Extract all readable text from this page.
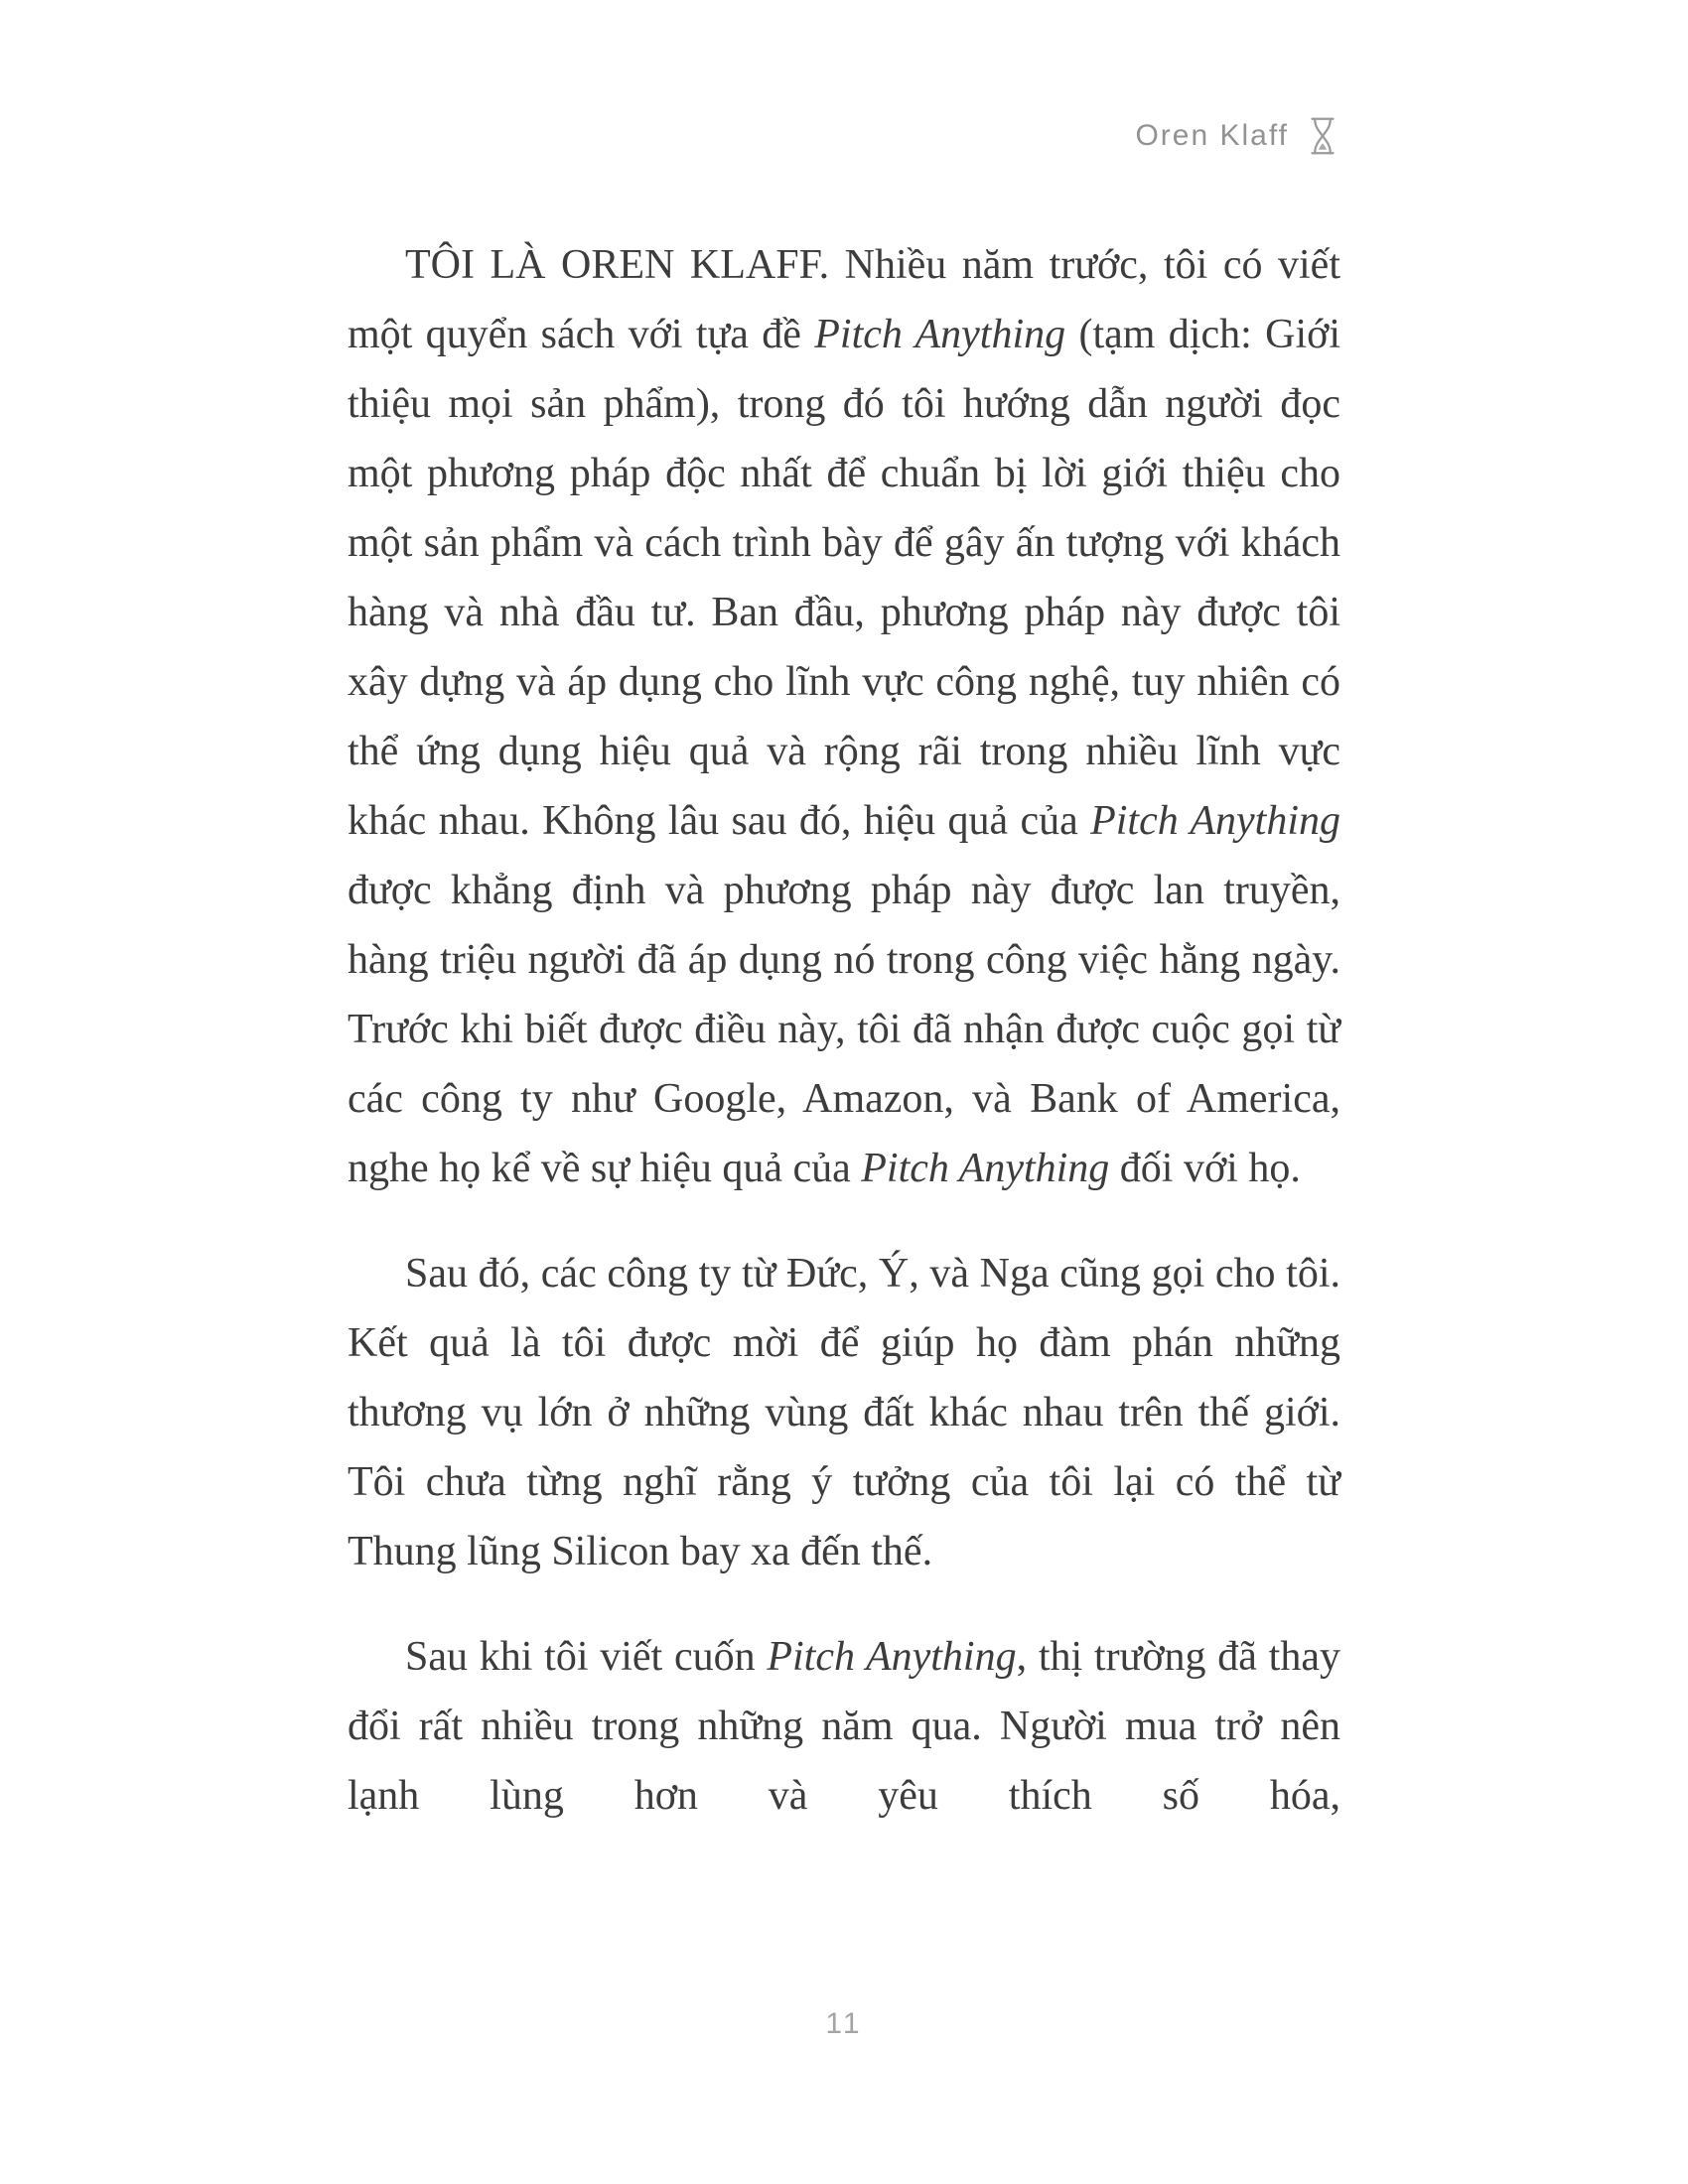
Oren Klaff

TÔI LÀ OREN KLAFF. Nhiều năm trước, tôi có viết một quyển sách với tựa đề Pitch Anything (tạm dịch: Giới thiệu mọi sản phẩm), trong đó tôi hướng dẫn người đọc một phương pháp độc nhất để chuẩn bị lời giới thiệu cho một sản phẩm và cách trình bày để gây ấn tượng với khách hàng và nhà đầu tư. Ban đầu, phương pháp này được tôi xây dựng và áp dụng cho lĩnh vực công nghệ, tuy nhiên có thể ứng dụng hiệu quả và rộng rãi trong nhiều lĩnh vực khác nhau. Không lâu sau đó, hiệu quả của Pitch Anything được khẳng định và phương pháp này được lan truyền, hàng triệu người đã áp dụng nó trong công việc hằng ngày. Trước khi biết được điều này, tôi đã nhận được cuộc gọi từ các công ty như Google, Amazon, và Bank of America, nghe họ kể về sự hiệu quả của Pitch Anything đối với họ.

Sau đó, các công ty từ Đức, Ý, và Nga cũng gọi cho tôi. Kết quả là tôi được mời để giúp họ đàm phán những thương vụ lớn ở những vùng đất khác nhau trên thế giới. Tôi chưa từng nghĩ rằng ý tưởng của tôi lại có thể từ Thung lũng Silicon bay xa đến thế.

Sau khi tôi viết cuốn Pitch Anything, thị trường đã thay đổi rất nhiều trong những năm qua. Người mua trở nên lạnh lùng hơn và yêu thích số hóa,

11
